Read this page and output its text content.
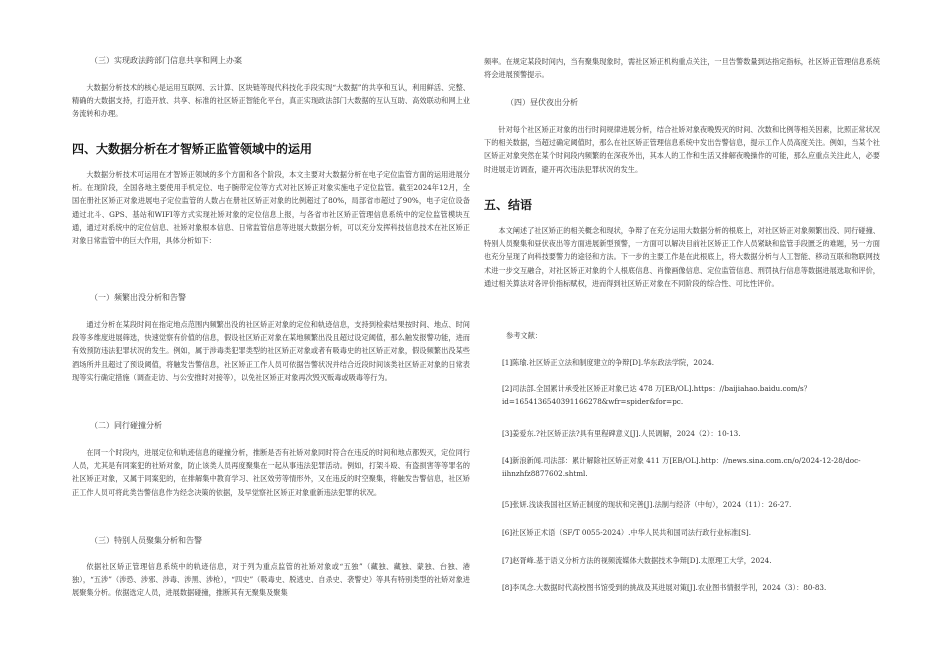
（三）实现政法跨部门信息共享和网上办案

大数据分析技术的核心是运用互联网、云计算、区块链等现代科技化手段实现“大数据”的共享和互认，利用鲜活、完整、精确的大数据支持，打造开放、共享、标准的社区矫正智能化平台，真正实现政法部门大数据的互认互助、高效联动和网上业务流转和办理。

四、大数据分析在才智矫正监管领域中的运用

大数据分析技术可运用在才智矫正领域的多个方面和各个阶段，本文主要对大数据分析在电子定位监管方面的运用进展分析。在现阶段，全国各地主要使用手机定位、电子腕带定位等方式对社区矫正对象实施电子定位监管。截至2024年12月，全国在册社区矫正对象进展电子定位监管的人数占在册社区矫正对象的比例超过了80%，局部省市超过了90%，电子定位设备通过北斗、GPS、基站和WIFI等方式实现社矫对象的定位信息上报，与各省市社区矫正管理信息系统中的定位监管模块互通，通过对系统中的定位信息、社矫对象根本信息、日常监管信息等进展大数据分析，可以充分发挥科技信息技术在社区矫正对象日常监管中的巨大作用，具体分析如下：

（一）频繁出没分析和告警

通过分析在某段时间在指定地点范围内频繁出没的社区矫正对象的定位和轨迹信息，支持到检索结果按时间、地点、时间段等多维度进展筛选，快速觉察有价值的信息，假设社区矫正对象在某地频繁出没且超过设定阈值，那么触发报警功能，进而有效预防违法犯罪状况的发生。例如，属于涉毒类犯罪类型的社区矫正对象或者有吸毒史的社区矫正对象，假设频繁出没某些酒场所并且超过了预设阈值，将触发告警信息，社区矫正工作人员可依据告警状况并结合近段时间该类社区矫正对象的日常表现等实行确定措施（调查走访、与公安推时对接等），以免社区矫正对象再次毁灭贩毒或吸毒等行为。

（二）同行碰撞分析

在同一个时段内，进展定位和轨迹信息的碰撞分析，推断是否有社矫对象同时符合在违反的时间和地点都毁灭，定位同行人员，尤其是有同案犯的社矫对象，防止该类人员再度聚集在一起从事违法犯罪活动。例如，打架斗殴、有盗损害等等罪名的社区矫正对象，又属于同案犯的，在排解集中教育学习、社区效劳等情形外，又在违反的时空聚集，将触发告警信息，社区矫正工作人员可将此类告警信息作为经念决策的依据，及早觉察社区矫正对象重新违法犯罪的状况。

（三）特别人员聚集分析和告警

依据社区矫正管理信息系统中的轨迹信息，对于列为重点监管的社矫对象或“五独”（藏独、藏独、蒙独、台独、港独），“五涉”（涉恐、涉邪、涉毒、涉黑、涉枪），“四史”（吸毒史、脱逃史、自杀史、袭警史）等具有特别类型的社矫对象进展聚集分析。依据选定人员，进展数据碰撞，推断其有无聚集及聚集

频率。在规定某段时间内，当有聚集现象时，需社区矫正机构重点关注，一旦告警数量到达指定指标，社区矫正管理信息系统将会进展预警提示。

（四）昼伏夜出分析

针对每个社区矫正对象的出行时间规律进展分析，结合社矫对象夜晚毁灭的时间、次数和比例等相关因素，比照正常状况下的相关数据，当超过确定阈值时，那么在社区矫正管理信息系统中发出告警信息，提示工作人员高度关注。例如，当某个社区矫正对象突然在某个时间段内频繁的在深夜外出，其本人的工作和生活又排解夜晚操作的可能，那么应重点关注此人，必要时进展走访调查，避开再次违法犯罪状况的发生。

五、结语

本文阐述了社区矫正的相关概念和现状，争辩了在充分运用大数据分析的根底上，对社区矫正对象频繁出没、同行碰撞、特别人员聚集和昼伏夜出等方面进展新型预警，一方面可以解决目前社区矫正工作人员紧缺和监管手段匮乏的难题，另一方面也充分呈现了向科技要警力的途径和方法。下一步的主要工作是在此根底上，将大数据分析与人工智能、移动互联和物联网技术进一步交互融合，对社区矫正对象的个人根底信息、肖像画像信息、定位监管信息、刑罚执行信息等数据进展选取和评价，通过相关算法对各评价指标赋权，进而得到社区矫正对象在不同阶段的综合性、可比性评价。

参考文献：

[1]陈瑜.社区矫正立法和制度建立的争辩[D].华东政法学院，2024.

[2]司法部.全国累计承受社区矫正对象已达 478 万[EB/OL].https：//baijiahao.baidu.com/s？id=1654136540391166278&wfr=spider&for=pc.

[3]姜爱东.?社区矫正法?具有里程碑意义[J].人民调解，2024（2）：10-13.

[4]新浪新闻.司法部：累计解除社区矫正对象 411 万[EB/OL].http：//news.sina.com.cn/o/2024-12-28/doc-iihnzhfz8877602.shtml.

[5]张妍.浅谈我国社区矫正制度的现状和完善[J].法制与经济（中旬），2024（11）：26-27.

[6]社区矫正术语（SF/T 0055-2024）.中华人民共和国司法行政行业标准[S].

[7]赵胥峰.基于语义分析方法的视频流媒体大数据技术争辩[D].太原理工大学，2024.

[8]李凤念.大数据时代高校图书馆受到的挑战及其进展对策[J].农业图书情报学刊，2024（3）：80-83.
